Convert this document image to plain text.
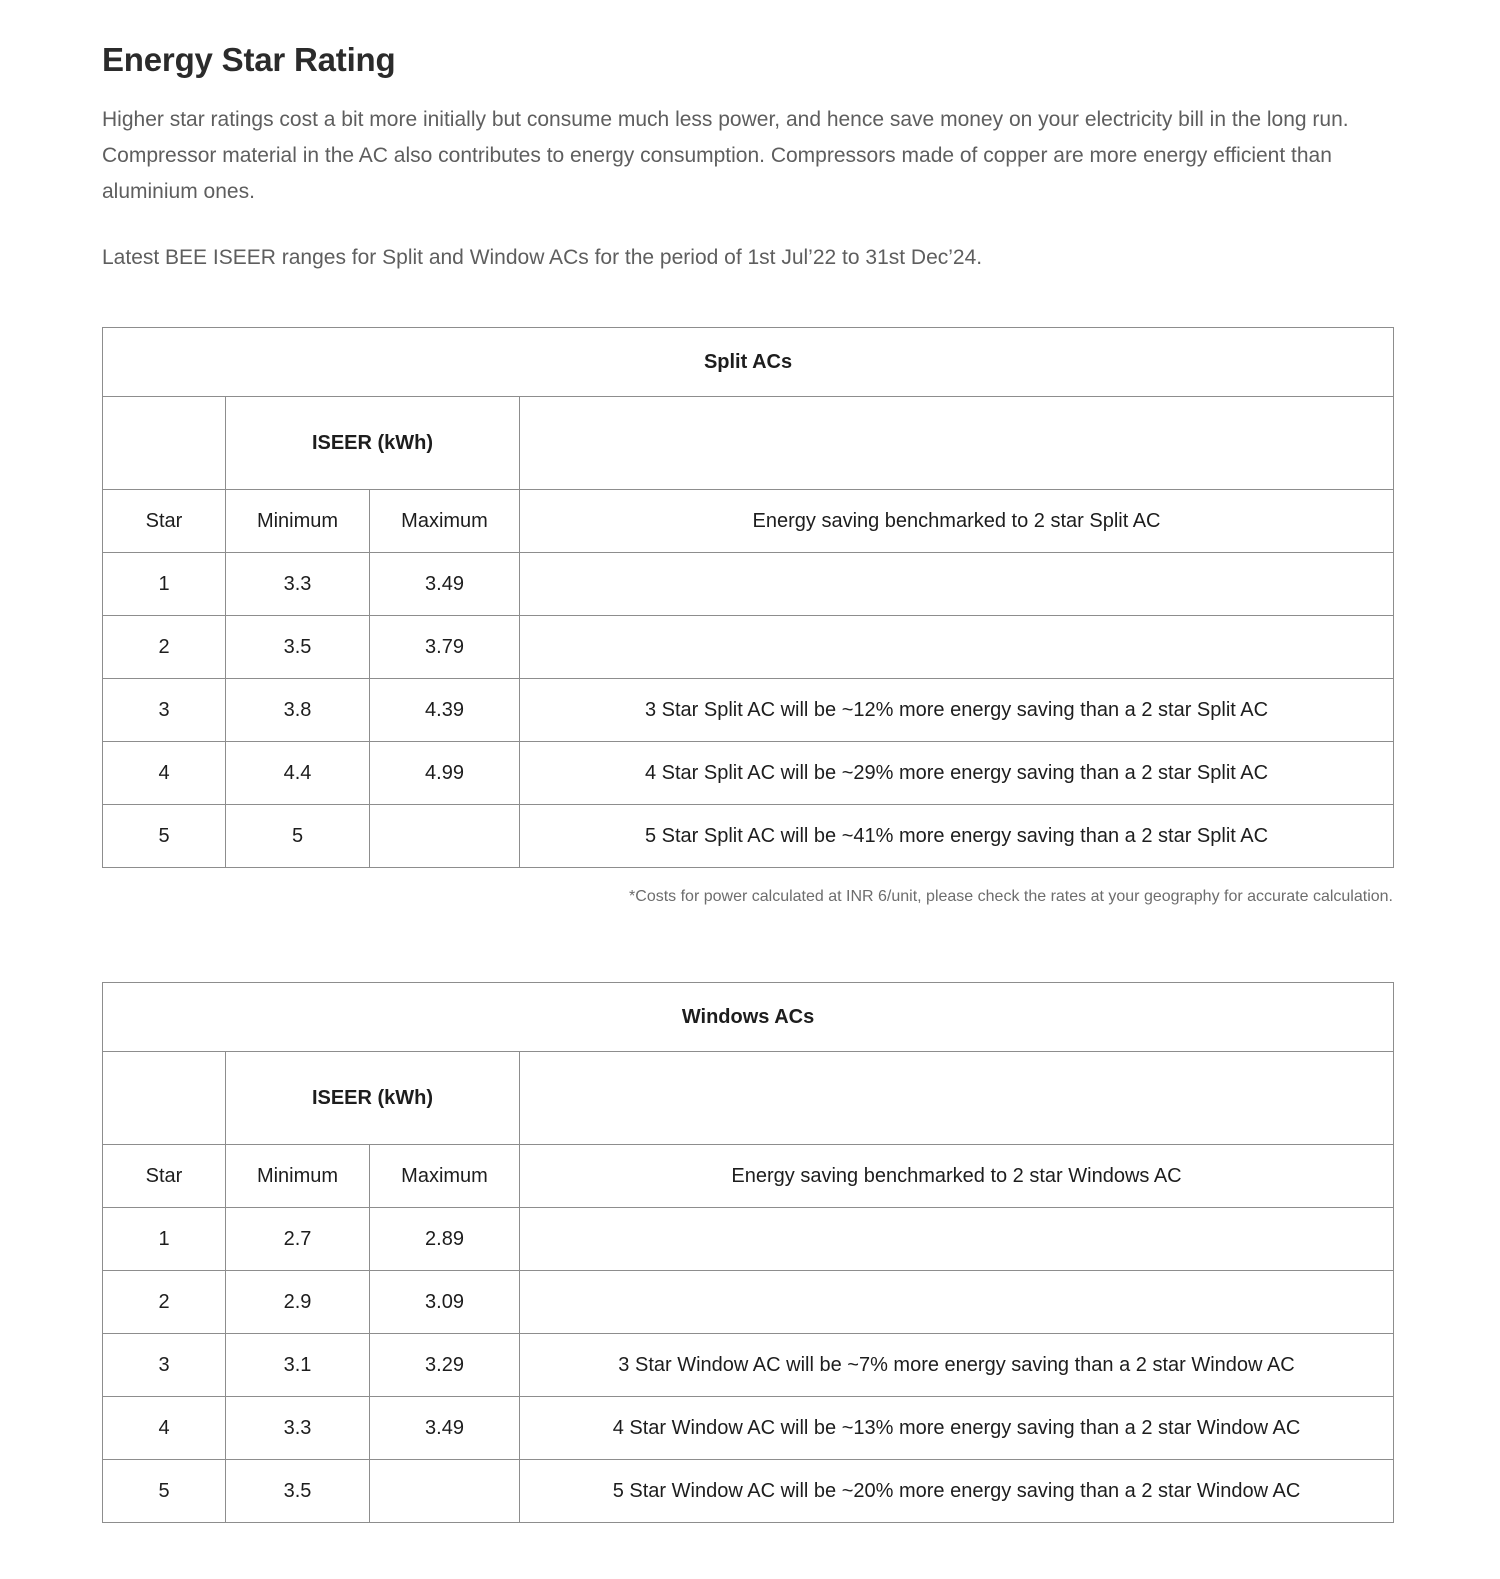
Energy Star Rating

Higher star ratings cost a bit more initially but consume much less power, and hence save money on your electricity bill in the long run. Compressor material in the AC also contributes to energy consumption. Compressors made of copper are more energy efficient than aluminium ones.

Latest BEE ISEER ranges for Split and Window ACs for the period of 1st Jul’22 to 31st Dec’24.

Split ACs			
	ISEER (kWh)		
Star	Minimum	Maximum	Energy saving benchmarked to 2 star Split AC
1	3.3	3.49	
2	3.5	3.79	
3	3.8	4.39	3 Star Split AC will be ~12% more energy saving than a 2 star Split AC
4	4.4	4.99	4 Star Split AC will be ~29% more energy saving than a 2 star Split AC
5	5		5 Star Split AC will be ~41% more energy saving than a 2 star Split AC

*Costs for power calculated at INR 6/unit, please check the rates at your geography for accurate calculation.

Windows ACs			
	ISEER (kWh)		
Star	Minimum	Maximum	Energy saving benchmarked to 2 star Windows AC
1	2.7	2.89	
2	2.9	3.09	
3	3.1	3.29	3 Star Window AC will be ~7% more energy saving than a 2 star Window AC
4	3.3	3.49	4 Star Window AC will be ~13% more energy saving than a 2 star Window AC
5	3.5		5 Star Window AC will be ~20% more energy saving than a 2 star Window AC
